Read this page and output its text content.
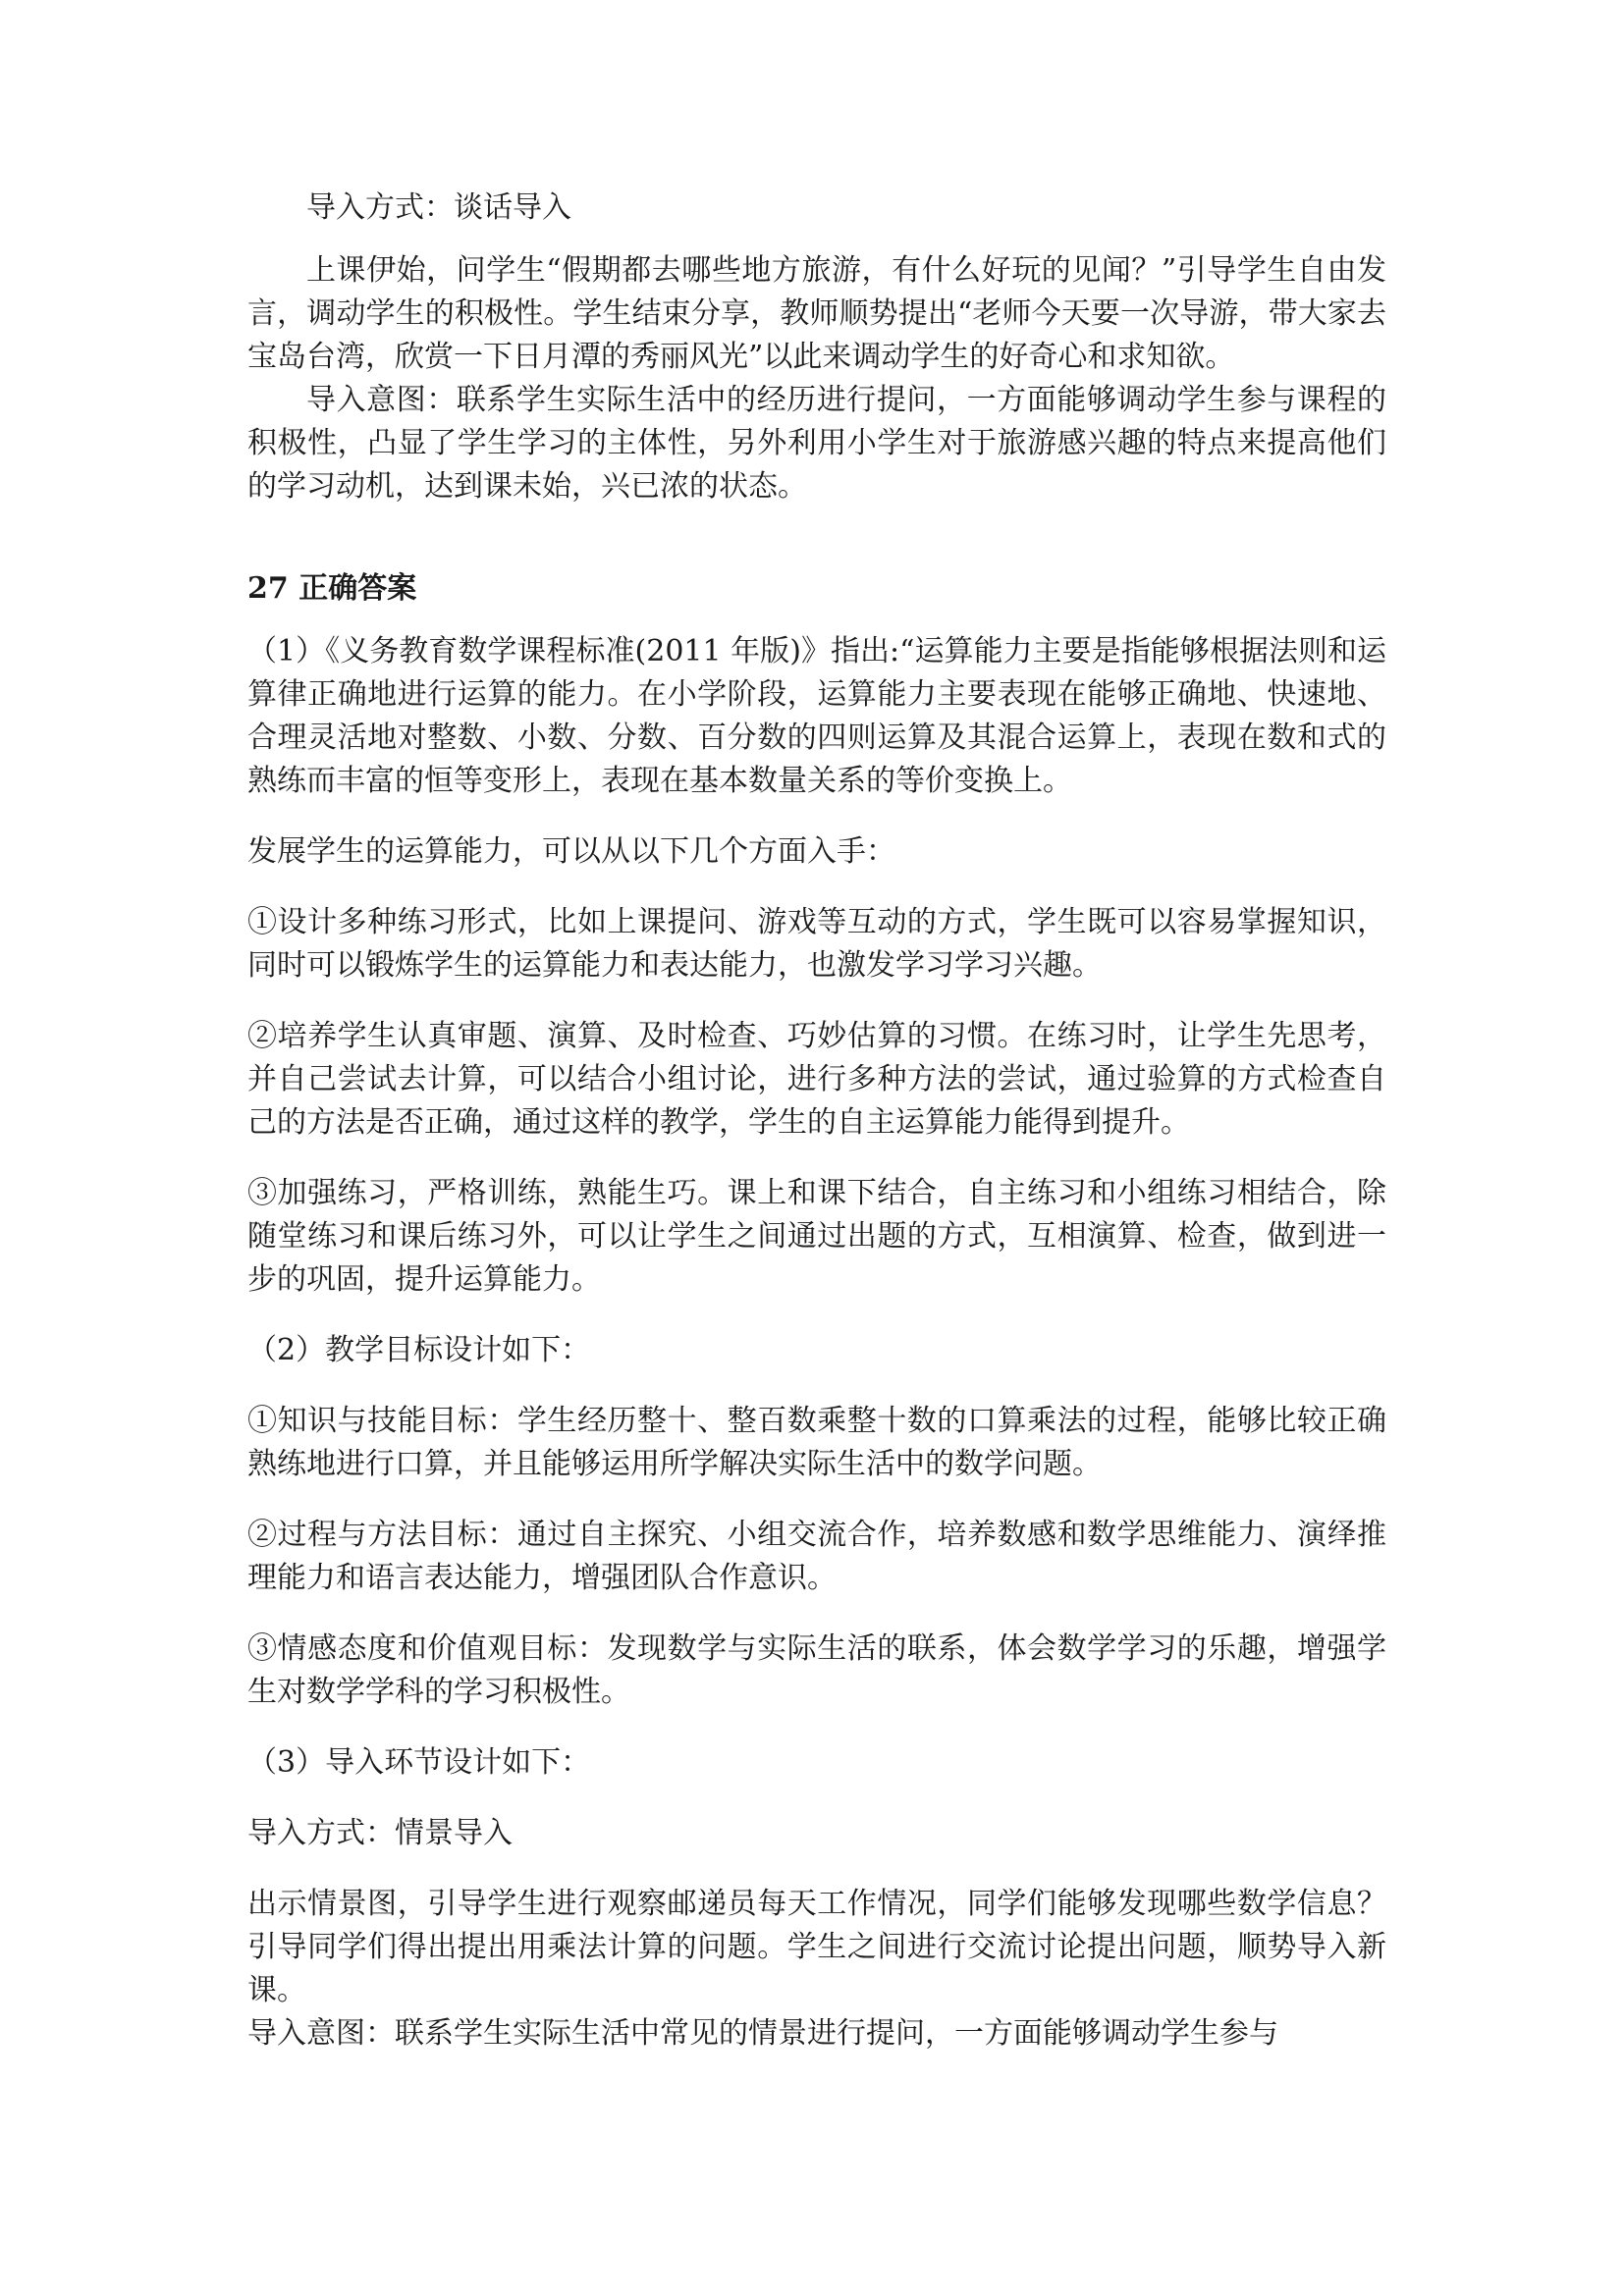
导入方式：谈话导入

上课伊始，问学生“假期都去哪些地方旅游，有什么好玩的见闻？”引导学生自由发言，调动学生的积极性。学生结束分享，教师顺势提出“老师今天要一次导游，带大家去宝岛台湾，欣赏一下日月潭的秀丽风光”以此来调动学生的好奇心和求知欲。

导入意图：联系学生实际生活中的经历进行提问，一方面能够调动学生参与课程的积极性，凸显了学生学习的主体性，另外利用小学生对于旅游感兴趣的特点来提高他们的学习动机，达到课未始，兴已浓的状态。

27 正确答案

（1）《义务教育数学课程标准(2011 年版)》指出:“运算能力主要是指能够根据法则和运算律正确地进行运算的能力。在小学阶段，运算能力主要表现在能够正确地、快速地、合理灵活地对整数、小数、分数、百分数的四则运算及其混合运算上，表现在数和式的熟练而丰富的恒等变形上，表现在基本数量关系的等价变换上。

发展学生的运算能力，可以从以下几个方面入手：

①设计多种练习形式，比如上课提问、游戏等互动的方式，学生既可以容易掌握知识，同时可以锻炼学生的运算能力和表达能力，也激发学习学习兴趣。

②培养学生认真审题、演算、及时检查、巧妙估算的习惯。在练习时，让学生先思考，并自己尝试去计算，可以结合小组讨论，进行多种方法的尝试，通过验算的方式检查自己的方法是否正确，通过这样的教学，学生的自主运算能力能得到提升。

③加强练习，严格训练，熟能生巧。课上和课下结合，自主练习和小组练习相结合，除随堂练习和课后练习外，可以让学生之间通过出题的方式，互相演算、检查，做到进一步的巩固，提升运算能力。

（2）教学目标设计如下：

①知识与技能目标：学生经历整十、整百数乘整十数的口算乘法的过程，能够比较正确熟练地进行口算，并且能够运用所学解决实际生活中的数学问题。

②过程与方法目标：通过自主探究、小组交流合作，培养数感和数学思维能力、演绎推理能力和语言表达能力，增强团队合作意识。

③情感态度和价值观目标：发现数学与实际生活的联系，体会数学学习的乐趣，增强学生对数学学科的学习积极性。

（3）导入环节设计如下：

导入方式：情景导入

出示情景图，引导学生进行观察邮递员每天工作情况，同学们能够发现哪些数学信息？引导同学们得出提出用乘法计算的问题。学生之间进行交流讨论提出问题，顺势导入新课。

导入意图：联系学生实际生活中常见的情景进行提问，一方面能够调动学生参与
